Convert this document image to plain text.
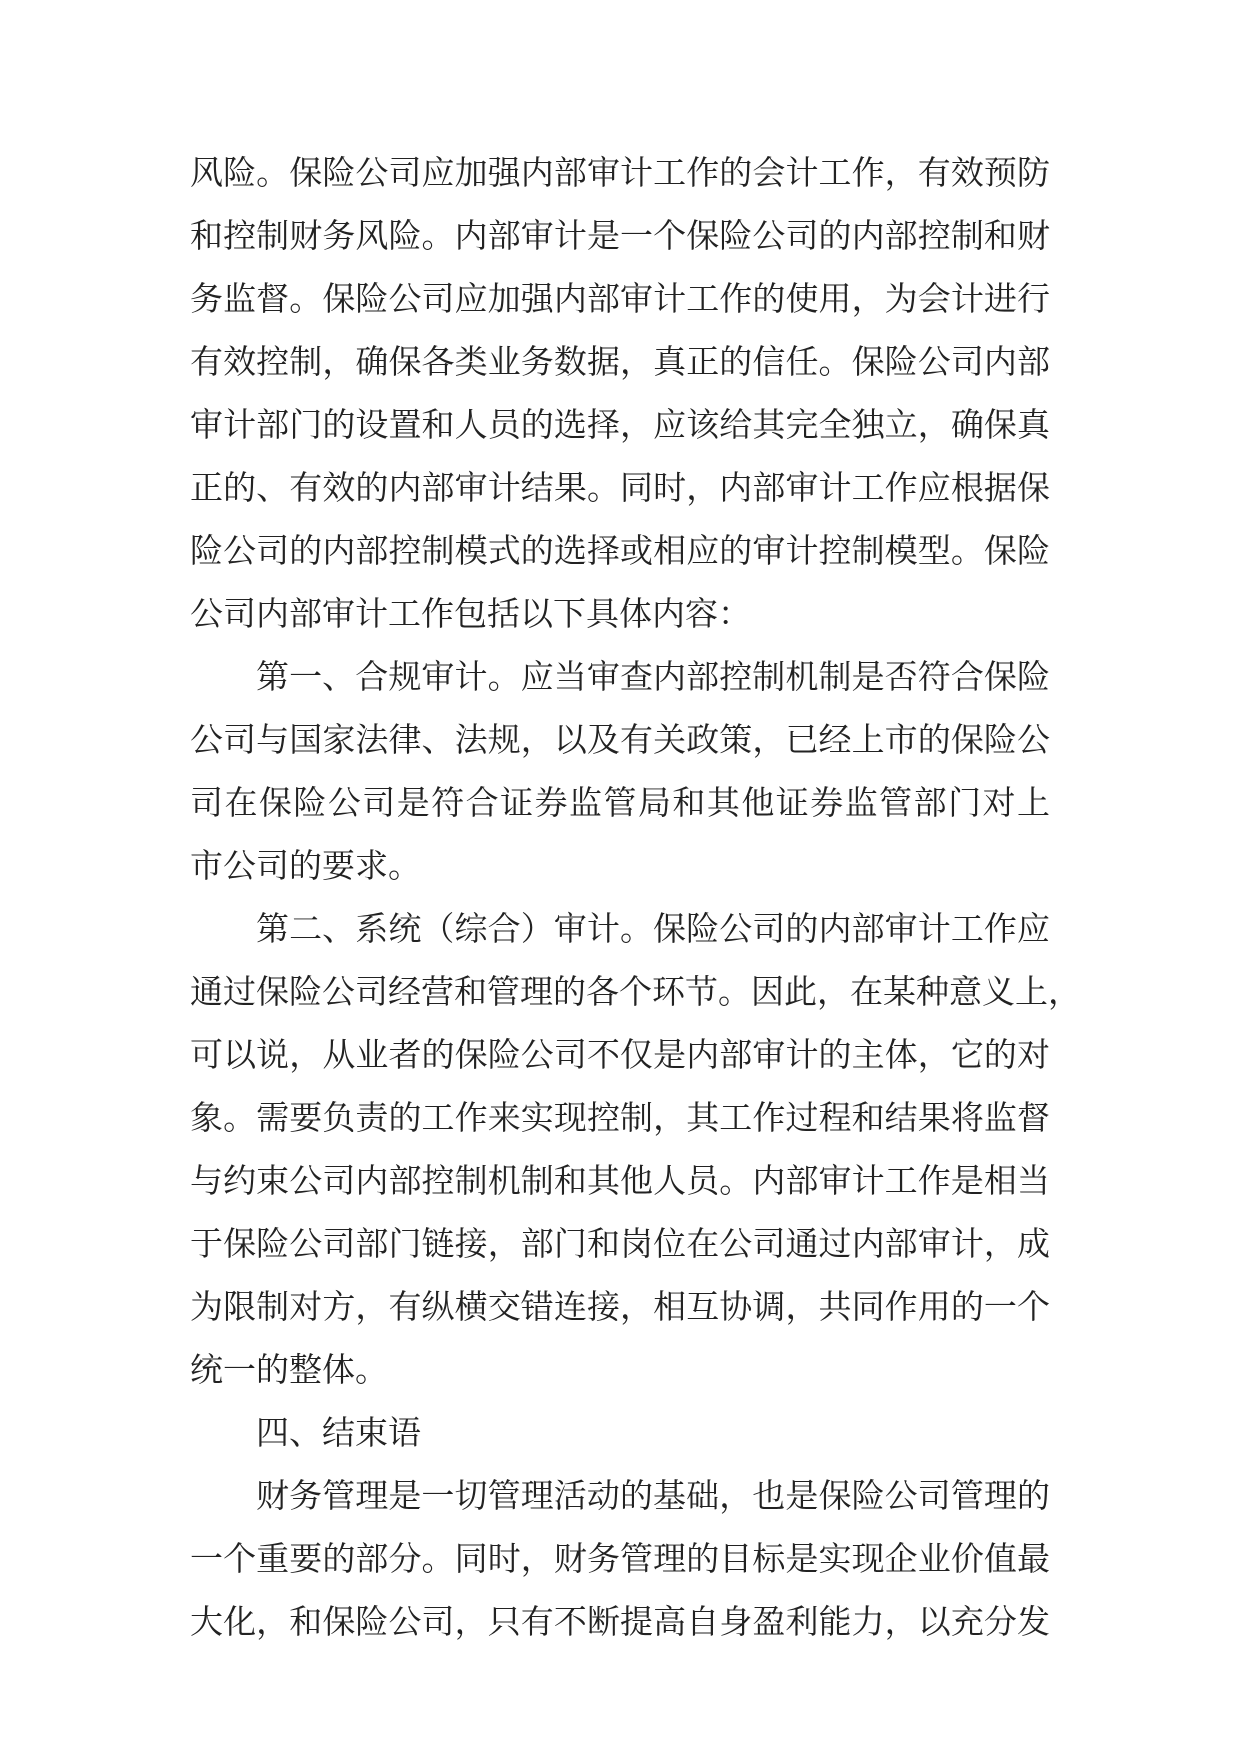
风险。保险公司应加强内部审计工作的会计工作，有效预防
和控制财务风险。内部审计是一个保险公司的内部控制和财
务监督。保险公司应加强内部审计工作的使用，为会计进行
有效控制，确保各类业务数据，真正的信任。保险公司内部
审计部门的设置和人员的选择，应该给其完全独立，确保真
正的、有效的内部审计结果。同时，内部审计工作应根据保
险公司的内部控制模式的选择或相应的审计控制模型。保险
公司内部审计工作包括以下具体内容：
第一、合规审计。应当审查内部控制机制是否符合保险
公司与国家法律、法规，以及有关政策，已经上市的保险公
司在保险公司是符合证券监管局和其他证券监管部门对上
市公司的要求。
第二、系统（综合）审计。保险公司的内部审计工作应
通过保险公司经营和管理的各个环节。因此，在某种意义上，
可以说，从业者的保险公司不仅是内部审计的主体，它的对
象。需要负责的工作来实现控制，其工作过程和结果将监督
与约束公司内部控制机制和其他人员。内部审计工作是相当
于保险公司部门链接，部门和岗位在公司通过内部审计，成
为限制对方，有纵横交错连接，相互协调，共同作用的一个
统一的整体。
四、结束语
财务管理是一切管理活动的基础，也是保险公司管理的
一个重要的部分。同时，财务管理的目标是实现企业价值最
大化，和保险公司，只有不断提高自身盈利能力，以充分发
